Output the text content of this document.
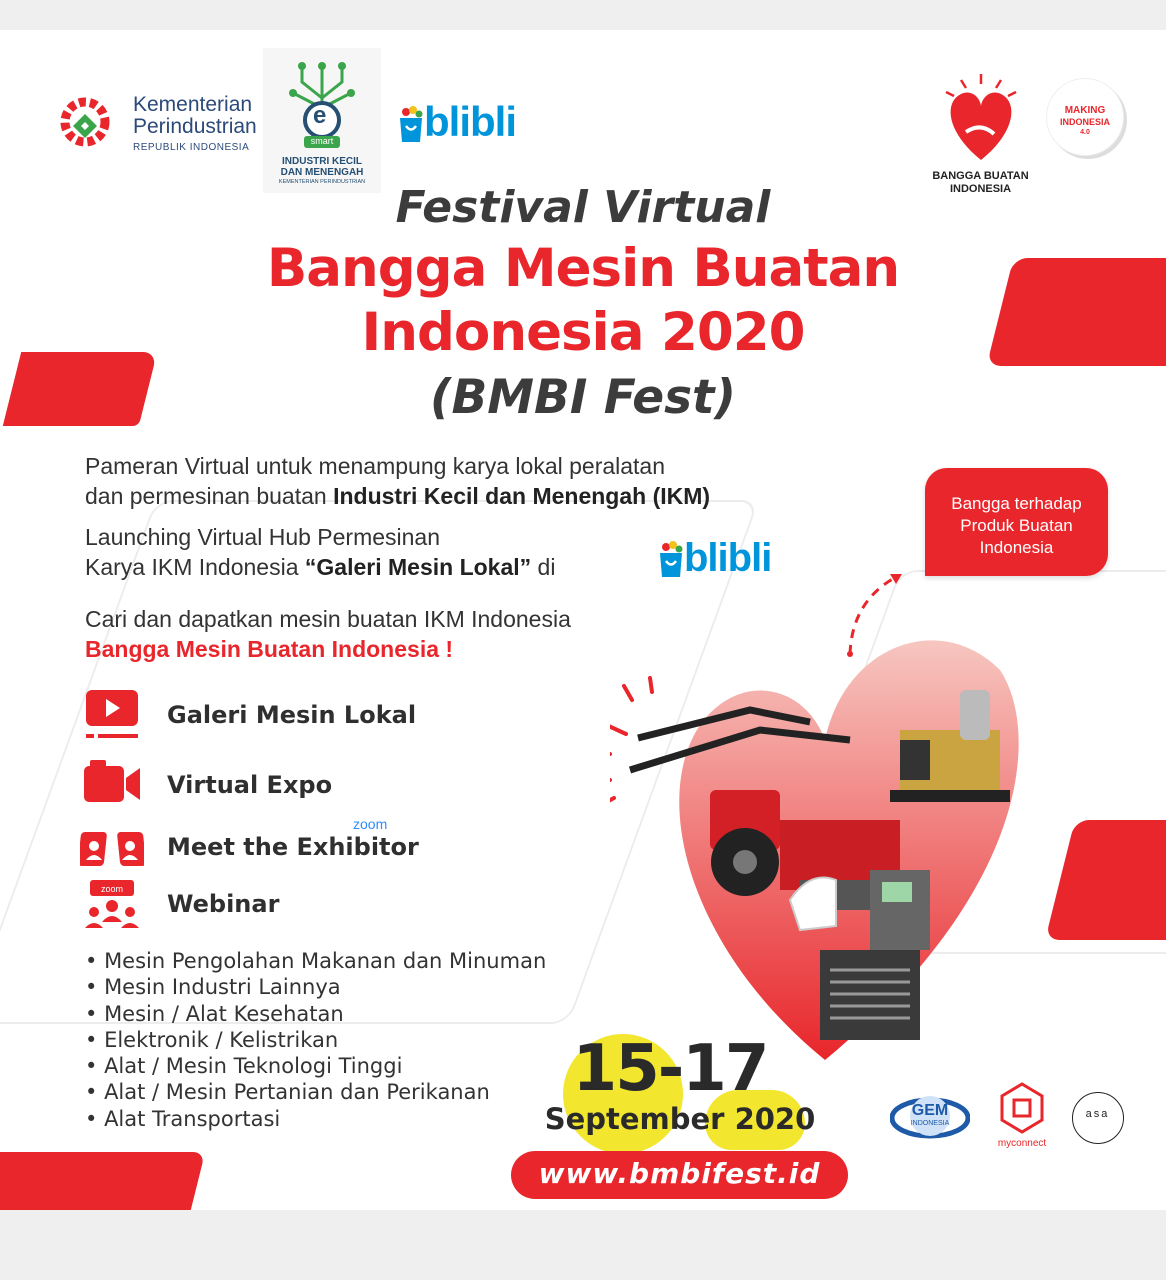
Kementerian
Perindustrian
REPUBLIK INDONESIA
e
smart
INDUSTRI KECIL
DAN MENENGAH
KEMENTERIAN PERINDUSTRIAN
blibli
BANGGA BUATAN
INDONESIA
MAKING
INDONESIA
4.0
Festival Virtual
Bangga Mesin Buatan
Indonesia 2020
(BMBI Fest)
Pameran Virtual untuk menampung karya lokal peralatan
dan permesinan buatan Industri Kecil dan Menengah (IKM)
Launching Virtual Hub Permesinan
Karya IKM Indonesia “Galeri Mesin Lokal” di	blibli
Cari dan dapatkan mesin buatan IKM Indonesia
Bangga Mesin Buatan Indonesia !
zoom
Galeri Mesin Lokal
Virtual Expo
zoom
Meet the Exhibitor
Webinar
• Mesin Pengolahan Makanan dan Minuman
• Mesin Industri Lainnya
• Mesin / Alat Kesehatan
• Elektronik / Kelistrikan
• Alat / Mesin Teknologi Tinggi
• Alat / Mesin Pertanian dan Perikanan
• Alat Transportasi
Bangga terhadap
Produk Buatan
Indonesia
15-17
September 2020
www.bmbifest.id
GEM
INDONESIA
myconnect
asa
